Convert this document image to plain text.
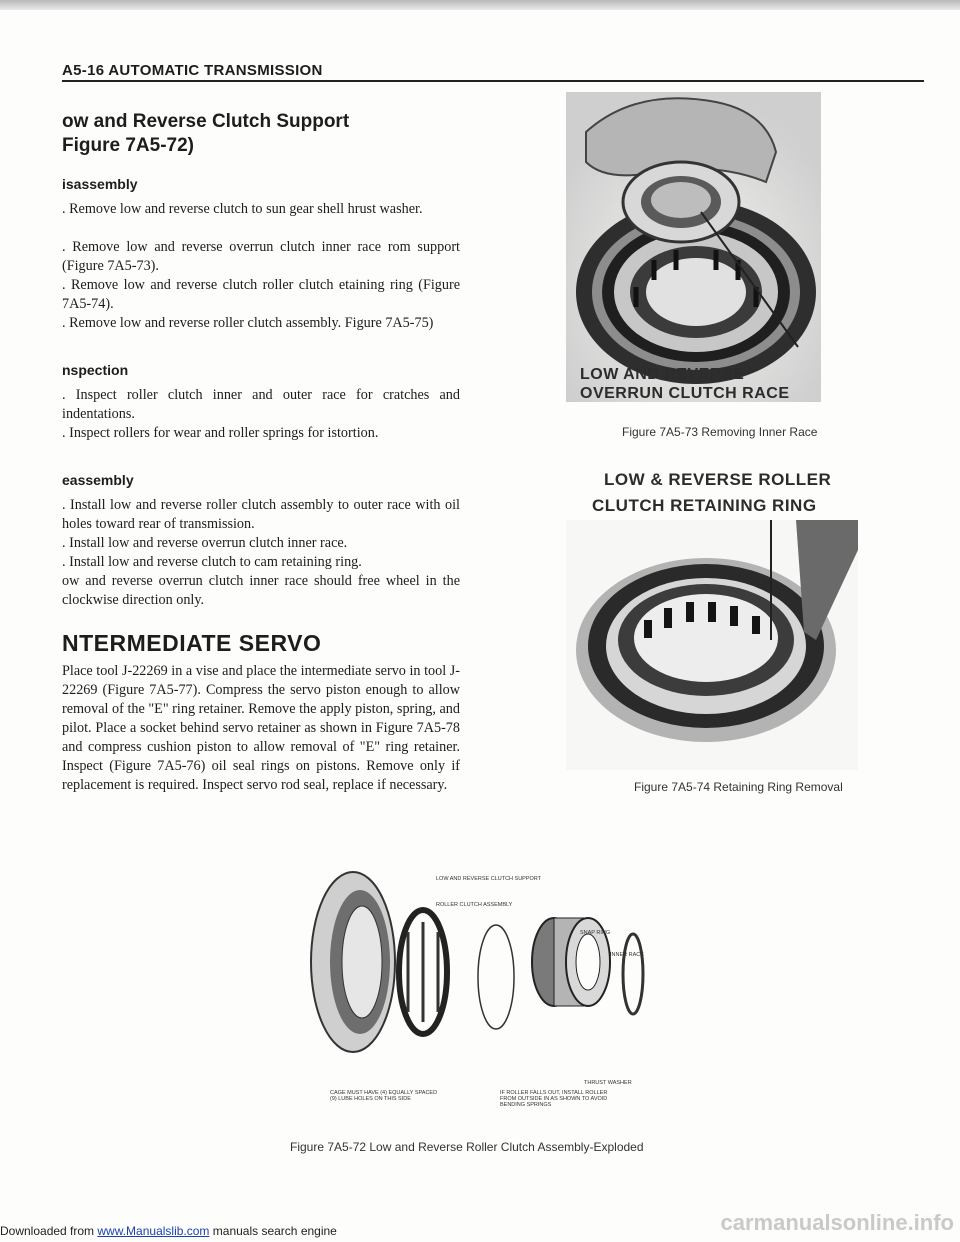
A5-16 AUTOMATIC TRANSMISSION
ow and Reverse Clutch Support
Figure 7A5-72)
isassembly

. Remove low and reverse clutch to sun gear shell hrust washer.

. Remove low and reverse overrun clutch inner race rom support (Figure 7A5-73).

. Remove low and reverse clutch roller clutch etaining ring (Figure 7A5-74).

. Remove low and reverse roller clutch assembly. Figure 7A5-75)

nspection

. Inspect roller clutch inner and outer race for cratches and indentations.

. Inspect rollers for wear and roller springs for istortion.

eassembly

. Install low and reverse roller clutch assembly to outer race with oil holes toward rear of transmission.

. Install low and reverse overrun clutch inner race.

. Install low and reverse clutch to cam retaining ring.

ow and reverse overrun clutch inner race should free wheel in the clockwise direction only.

NTERMEDIATE SERVO

Place tool J-22269 in a vise and place the intermediate servo in tool J-22269 (Figure 7A5-77). Compress the servo piston enough to allow removal of the "E" ring retainer. Remove the apply piston, spring, and pilot. Place a socket behind servo retainer as shown in Figure 7A5-78 and compress cushion piston to allow removal of "E" ring retainer. Inspect (Figure 7A5-76) oil seal rings on pistons. Remove only if replacement is required. Inspect servo rod seal, replace if necessary.

LOW AND REVERSE
OVERRUN CLUTCH RACE
Figure 7A5-73 Removing Inner Race
LOW & REVERSE ROLLER
CLUTCH RETAINING RING
Figure 7A5-74 Retaining Ring Removal
LOW AND REVERSE CLUTCH SUPPORT
ROLLER CLUTCH ASSEMBLY
SNAP RING
INNER RACE
THRUST WASHER
CAGE MUST HAVE (4) EQUALLY SPACED (9) LUBE HOLES ON THIS SIDE
IF ROLLER FALLS OUT, INSTALL ROLLER FROM OUTSIDE IN AS SHOWN TO AVOID BENDING SPRINGS
Figure 7A5-72 Low and Reverse Roller Clutch Assembly-Exploded
Downloaded from www.Manualslib.com manuals search engine	carmanualsonline.info
